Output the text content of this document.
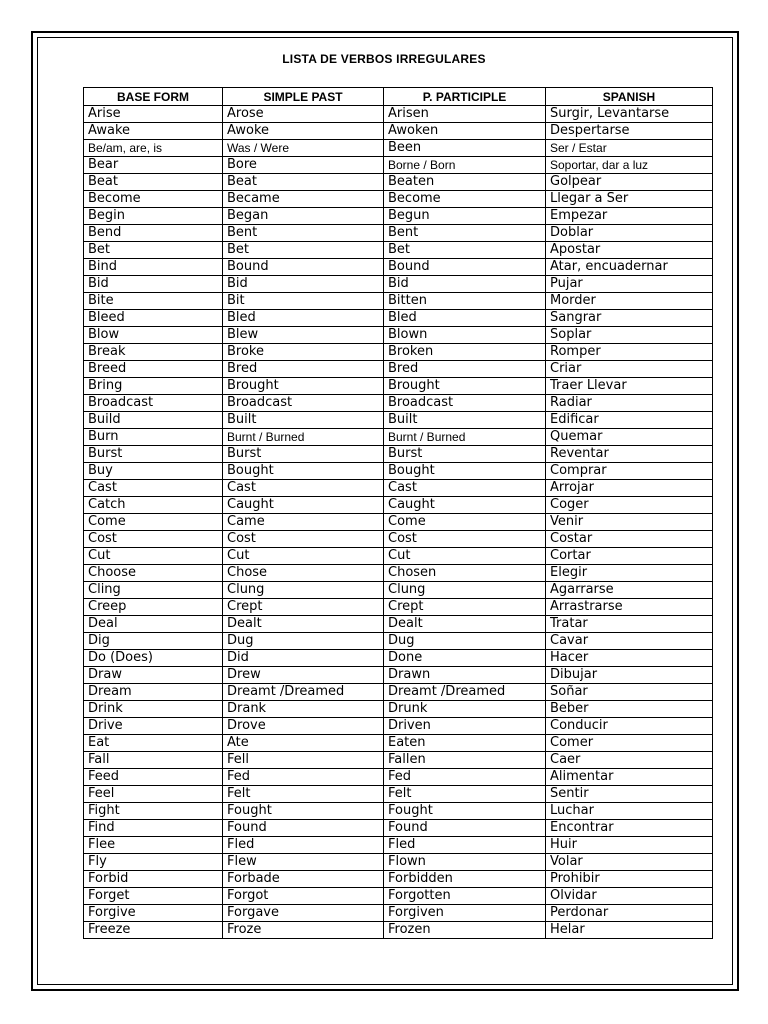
LISTA DE VERBOS IRREGULARES
BASE FORM	SIMPLE PAST	P. PARTICIPLE	SPANISH
Arise	Arose	Arisen	Surgir, Levantarse
Awake	Awoke	Awoken	Despertarse
Be/am, are, is	Was / Were	Been	Ser / Estar
Bear	Bore	Borne / Born	Soportar, dar a luz
Beat	Beat	Beaten	Golpear
Become	Became	Become	Llegar a Ser
Begin	Began	Begun	Empezar
Bend	Bent	Bent	Doblar
Bet	Bet	Bet	Apostar
Bind	Bound	Bound	Atar, encuadernar
Bid	Bid	Bid	Pujar
Bite	Bit	Bitten	Morder
Bleed	Bled	Bled	Sangrar
Blow	Blew	Blown	Soplar
Break	Broke	Broken	Romper
Breed	Bred	Bred	Criar
Bring	Brought	Brought	Traer Llevar
Broadcast	Broadcast	Broadcast	Radiar
Build	Built	Built	Edificar
Burn	Burnt / Burned	Burnt / Burned	Quemar
Burst	Burst	Burst	Reventar
Buy	Bought	Bought	Comprar
Cast	Cast	Cast	Arrojar
Catch	Caught	Caught	Coger
Come	Came	Come	Venir
Cost	Cost	Cost	Costar
Cut	Cut	Cut	Cortar
Choose	Chose	Chosen	Elegir
Cling	Clung	Clung	Agarrarse
Creep	Crept	Crept	Arrastrarse
Deal	Dealt	Dealt	Tratar
Dig	Dug	Dug	Cavar
Do (Does)	Did	Done	Hacer
Draw	Drew	Drawn	Dibujar
Dream	Dreamt /Dreamed	Dreamt /Dreamed	Soñar
Drink	Drank	Drunk	Beber
Drive	Drove	Driven	Conducir
Eat	Ate	Eaten	Comer
Fall	Fell	Fallen	Caer
Feed	Fed	Fed	Alimentar
Feel	Felt	Felt	Sentir
Fight	Fought	Fought	Luchar
Find	Found	Found	Encontrar
Flee	Fled	Fled	Huir
Fly	Flew	Flown	Volar
Forbid	Forbade	Forbidden	Prohibir
Forget	Forgot	Forgotten	Olvidar
Forgive	Forgave	Forgiven	Perdonar
Freeze	Froze	Frozen	Helar
